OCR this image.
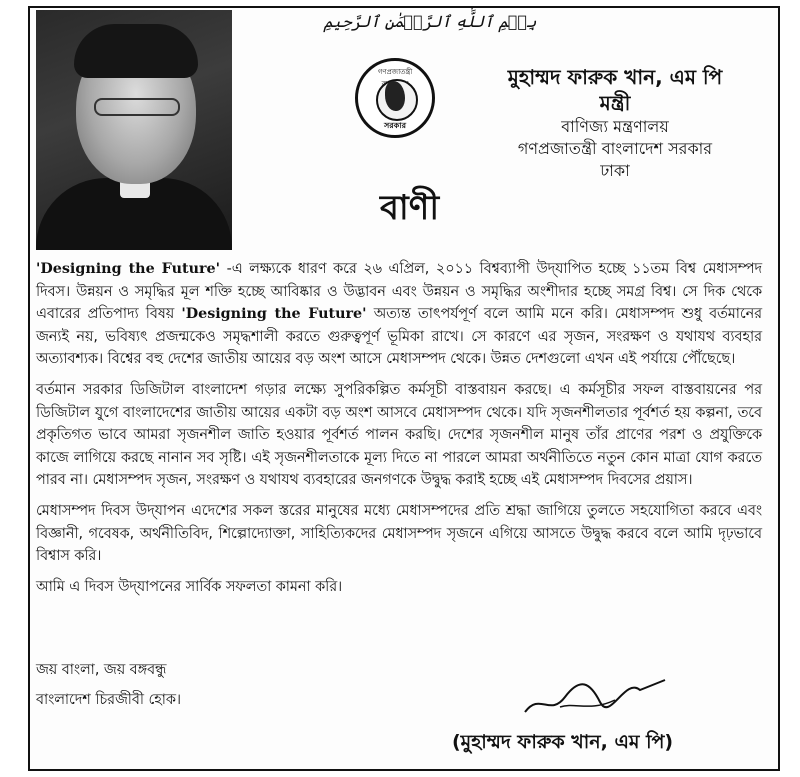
بِسۡمِ ٱللَّٰهِ ٱلرَّحۡمَٰنِ ٱلرَّحِيمِ
গণপ্রজাতন্ত্রী
সরকার
মুহাম্মদ ফারুক খান, এম পি
মন্ত্রী
বাণিজ্য মন্ত্রণালয়
গণপ্রজাতন্ত্রী বাংলাদেশ সরকার
ঢাকা
বাণী

'Designing the Future' -এ লক্ষ্যকে ধারণ করে ২৬ এপ্রিল, ২০১১ বিশ্বব্যাপী উদ্‌যাপিত হচ্ছে ১১তম বিশ্ব মেধাসম্পদ দিবস। উন্নয়ন ও সমৃদ্ধির মূল শক্তি হচ্ছে আবিষ্কার ও উদ্ভাবন এবং উন্নয়ন ও সমৃদ্ধির অংশীদার হচ্ছে সমগ্র বিশ্ব। সে দিক থেকে এবারের প্রতিপাদ্য বিষয় 'Designing the Future' অত্যন্ত তাৎপর্যপূর্ণ বলে আমি মনে করি। মেধাসম্পদ শুধু বর্তমানের জন্যই নয়, ভবিষ্যৎ প্রজন্মকেও সমৃদ্ধশালী করতে গুরুত্বপূর্ণ ভূমিকা রাখে। সে কারণে এর সৃজন, সংরক্ষণ ও যথাযথ ব্যবহার অত্যাবশ্যক। বিশ্বের বহু দেশের জাতীয় আয়ের বড় অংশ আসে মেধাসম্পদ থেকে। উন্নত দেশগুলো এখন এই পর্যায়ে পৌঁছেছে।

বর্তমান সরকার ডিজিটাল বাংলাদেশ গড়ার লক্ষ্যে সুপরিকল্পিত কর্মসূচী বাস্তবায়ন করছে। এ কর্মসূচীর সফল বাস্তবায়নের পর ডিজিটাল যুগে বাংলাদেশের জাতীয় আয়ের একটা বড় অংশ আসবে মেধাসম্পদ থেকে। যদি সৃজনশীলতার পূর্বশর্ত হয় কল্পনা, তবে প্রকৃতিগত ভাবে আমরা সৃজনশীল জাতি হওয়ার পূর্বশর্ত পালন করছি। দেশের সৃজনশীল মানুষ তাঁর প্রাণের পরশ ও প্রযুক্তিকে কাজে লাগিয়ে করছে নানান সব সৃষ্টি। এই সৃজনশীলতাকে মূল্য দিতে না পারলে আমরা অর্থনীতিতে নতুন কোন মাত্রা যোগ করতে পারব না। মেধাসম্পদ সৃজন, সংরক্ষণ ও যথাযথ ব্যবহারের জনগণকে উদ্বুদ্ধ করাই হচ্ছে এই মেধাসম্পদ দিবসের প্রয়াস।

মেধাসম্পদ দিবস উদ্‌যাপন এদেশের সকল স্তরের মানুষের মধ্যে মেধাসম্পদের প্রতি শ্রদ্ধা জাগিয়ে তুলতে সহযোগিতা করবে এবং বিজ্ঞানী, গবেষক, অর্থনীতিবিদ, শিল্পোদ্যোক্তা, সাহিত্যিকদের মেধাসম্পদ সৃজনে এগিয়ে আসতে উদ্বুদ্ধ করবে বলে আমি দৃঢ়ভাবে বিশ্বাস করি।

আমি এ দিবস উদ্‌যাপনের সার্বিক সফলতা কামনা করি।

জয় বাংলা, জয় বঙ্গবন্ধু
বাংলাদেশ চিরজীবী হোক।
(মুহাম্মদ ফারুক খান, এম পি)
